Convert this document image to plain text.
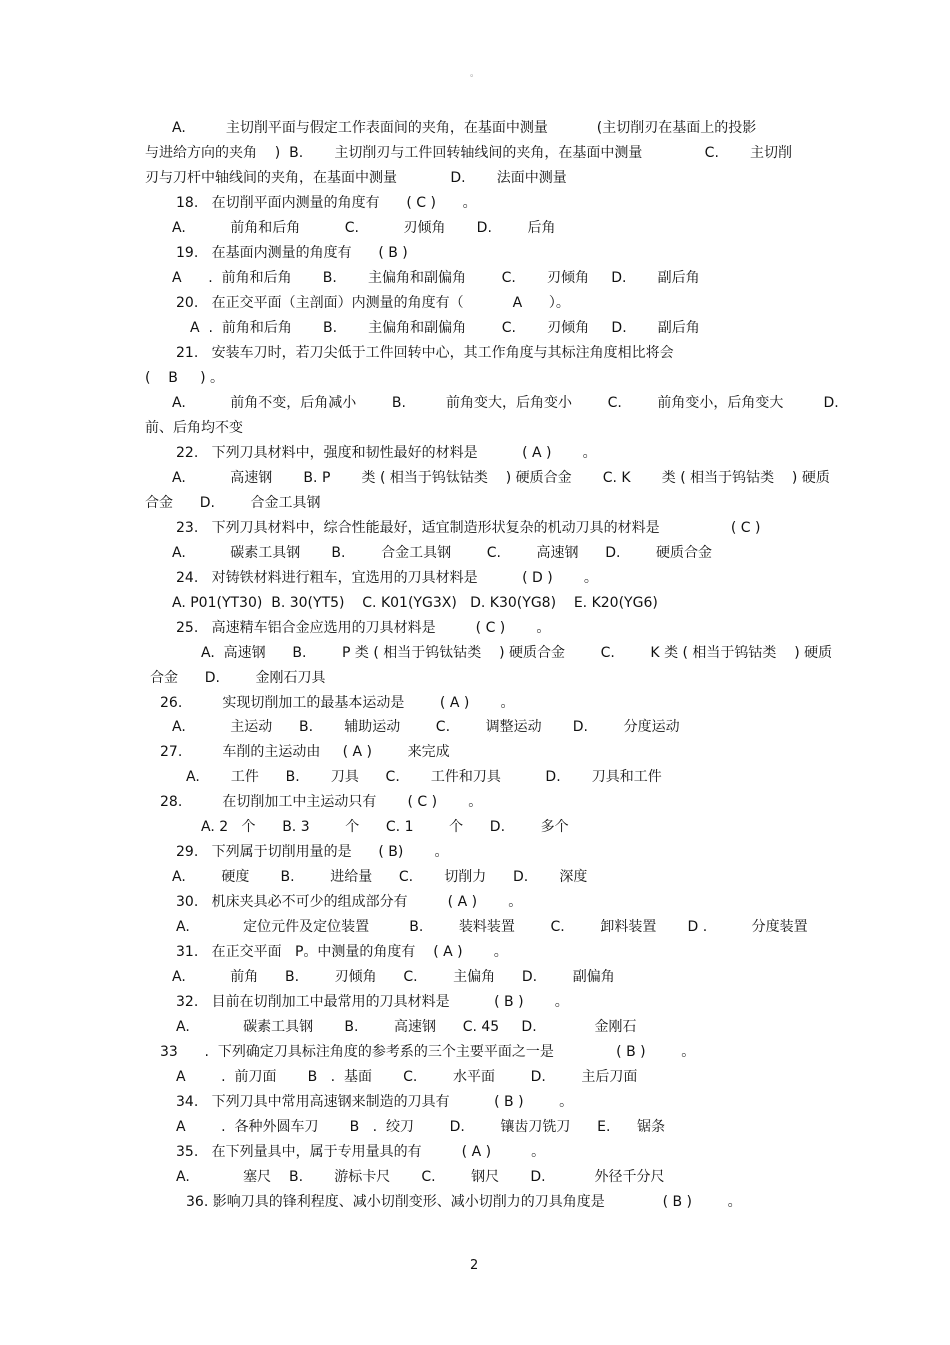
。
A.         主切削平面与假定工作表面间的夹角，在基面中测量           (主切削刃在基面上的投影
与进给方向的夹角    )  B.       主切削刃与工件回转轴线间的夹角，在基面中测量              C.       主切削
刃与刀杆中轴线间的夹角，在基面中测量            D.       法面中测量
18.   在切削平面内测量的角度有      ( C )      。
A.          前角和后角          C.          刃倾角       D.        后角
19.   在基面内测量的角度有      ( B )
A      .  前角和后角       B.       主偏角和副偏角        C.       刃倾角     D.       副后角
20.   在正交平面（主剖面）内测量的角度有（           A      ）。
A  .  前角和后角       B.       主偏角和副偏角        C.       刃倾角     D.       副后角
21.   安装车刀时，若刀尖低于工件回转中心，其工作角度与其标注角度相比将会
(    B     ) 。
A.          前角不变，后角减小        B.         前角变大，后角变小        C.        前角变小，后角变大         D.
前、后角均不变
22.   下列刀具材料中，强度和韧性最好的材料是          ( A )       。
A.          高速钢       B. P       类 ( 相当于钨钛钴类    ) 硬质合金       C. K       类 ( 相当于钨钴类    ) 硬质
合金      D.        合金工具钢
23.   下列刀具材料中，综合性能最好，适宜制造形状复杂的机动刀具的材料是                ( C )
A.          碳素工具钢       B.        合金工具钢        C.        高速钢      D.        硬质合金
24.   对铸铁材料进行粗车，宜选用的刀具材料是          ( D )       。
A. P01(YT30)  B. 30(YT5)    C. K01(YG3X)   D. K30(YG8)    E. K20(YG6)
25.   高速精车铝合金应选用的刀具材料是         ( C )       。
A.  高速钢      B.        P 类 ( 相当于钨钛钴类    ) 硬质合金        C.        K 类 ( 相当于钨钴类    ) 硬质
合金      D.        金刚石刀具
26.         实现切削加工的最基本运动是        ( A )       。
A.          主运动      B.       辅助运动        C.        调整运动       D.        分度运动
27.         车削的主运动由     ( A )        来完成
A.       工件      B.       刀具      C.       工件和刀具          D.       刀具和工件
28.         在切削加工中主运动只有       ( C )       。
A. 2   个      B. 3        个      C. 1        个      D.        多个
29.   下列属于切削用量的是      ( B)       。
A.        硬度       B.        进给量      C.       切削力      D.       深度
30.   机床夹具必不可少的组成部分有         ( A )       。
A.            定位元件及定位装置         B.        装料装置        C.        卸料装置       D .          分度装置
31.   在正交平面   P。中测量的角度有    ( A )       。
A.          前角      B.        刃倾角      C.        主偏角      D.        副偏角
32.   目前在切削加工中最常用的刀具材料是          ( B )       。
A.            碳素工具钢       B.        高速钢      C. 45     D.             金刚石
33      .  下列确定刀具标注角度的参考系的三个主要平面之一是              ( B )        。
A        .  前刀面       B   .  基面       C.        水平面        D.        主后刀面
34.   下列刀具中常用高速钢来制造的刀具有          ( B )        。
A        .  各种外圆车刀       B   .  绞刀        D.        镶齿刀铣刀      E.      锯条
35.   在下列量具中，属于专用量具的有         ( A )         。
A.            塞尺    B.       游标卡尺       C.        钢尺       D.           外径千分尺
36. 影响刀具的锋利程度、减小切削变形、减小切削力的刀具角度是             ( B )        。
2
